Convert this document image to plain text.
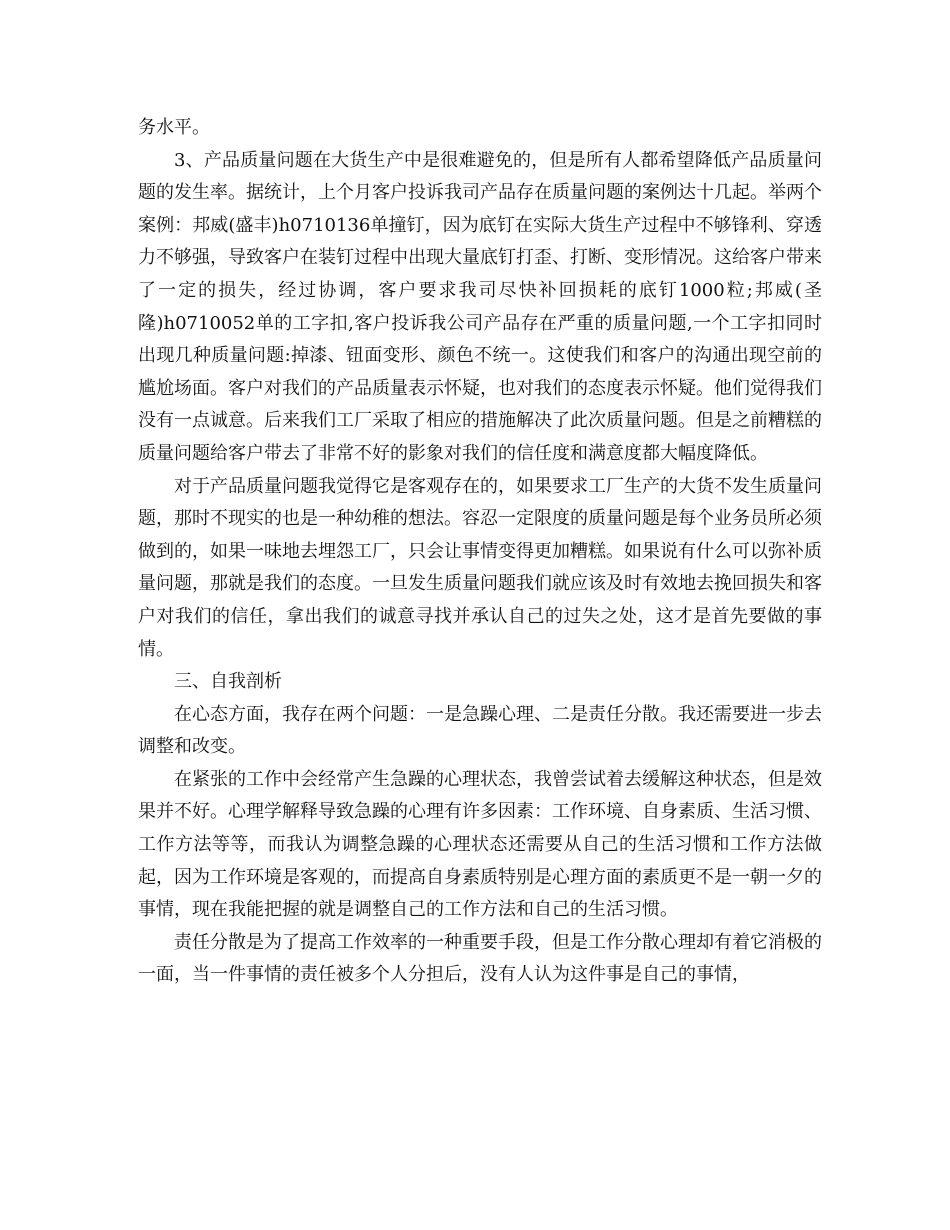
务水平。

3、产品质量问题在大货生产中是很难避免的，但是所有人都希望降低产品质量问题的发生率。据统计，上个月客户投诉我司产品存在质量问题的案例达十几起。举两个案例：邦威(盛丰)h0710136单撞钉，因为底钉在实际大货生产过程中不够锋利、穿透力不够强，导致客户在装钉过程中出现大量底钉打歪、打断、变形情况。这给客户带来了一定的损失，经过协调，客户要求我司尽快补回损耗的底钉1000粒;邦威(圣隆)h0710052单的工字扣,客户投诉我公司产品存在严重的质量问题,一个工字扣同时出现几种质量问题:掉漆、钮面变形、颜色不统一。这使我们和客户的沟通出现空前的尴尬场面。客户对我们的产品质量表示怀疑，也对我们的态度表示怀疑。他们觉得我们没有一点诚意。后来我们工厂采取了相应的措施解决了此次质量问题。但是之前糟糕的质量问题给客户带去了非常不好的影象对我们的信任度和满意度都大幅度降低。

对于产品质量问题我觉得它是客观存在的，如果要求工厂生产的大货不发生质量问题，那时不现实的也是一种幼稚的想法。容忍一定限度的质量问题是每个业务员所必须做到的，如果一味地去埋怨工厂，只会让事情变得更加糟糕。如果说有什么可以弥补质量问题，那就是我们的态度。一旦发生质量问题我们就应该及时有效地去挽回损失和客户对我们的信任，拿出我们的诚意寻找并承认自己的过失之处，这才是首先要做的事情。

三、自我剖析

在心态方面，我存在两个问题：一是急躁心理、二是责任分散。我还需要进一步去调整和改变。

在紧张的工作中会经常产生急躁的心理状态，我曾尝试着去缓解这种状态，但是效果并不好。心理学解释导致急躁的心理有许多因素：工作环境、自身素质、生活习惯、工作方法等等，而我认为调整急躁的心理状态还需要从自己的生活习惯和工作方法做起，因为工作环境是客观的，而提高自身素质特别是心理方面的素质更不是一朝一夕的事情，现在我能把握的就是调整自己的工作方法和自己的生活习惯。

责任分散是为了提高工作效率的一种重要手段，但是工作分散心理却有着它消极的一面，当一件事情的责任被多个人分担后，没有人认为这件事是自己的事情，
